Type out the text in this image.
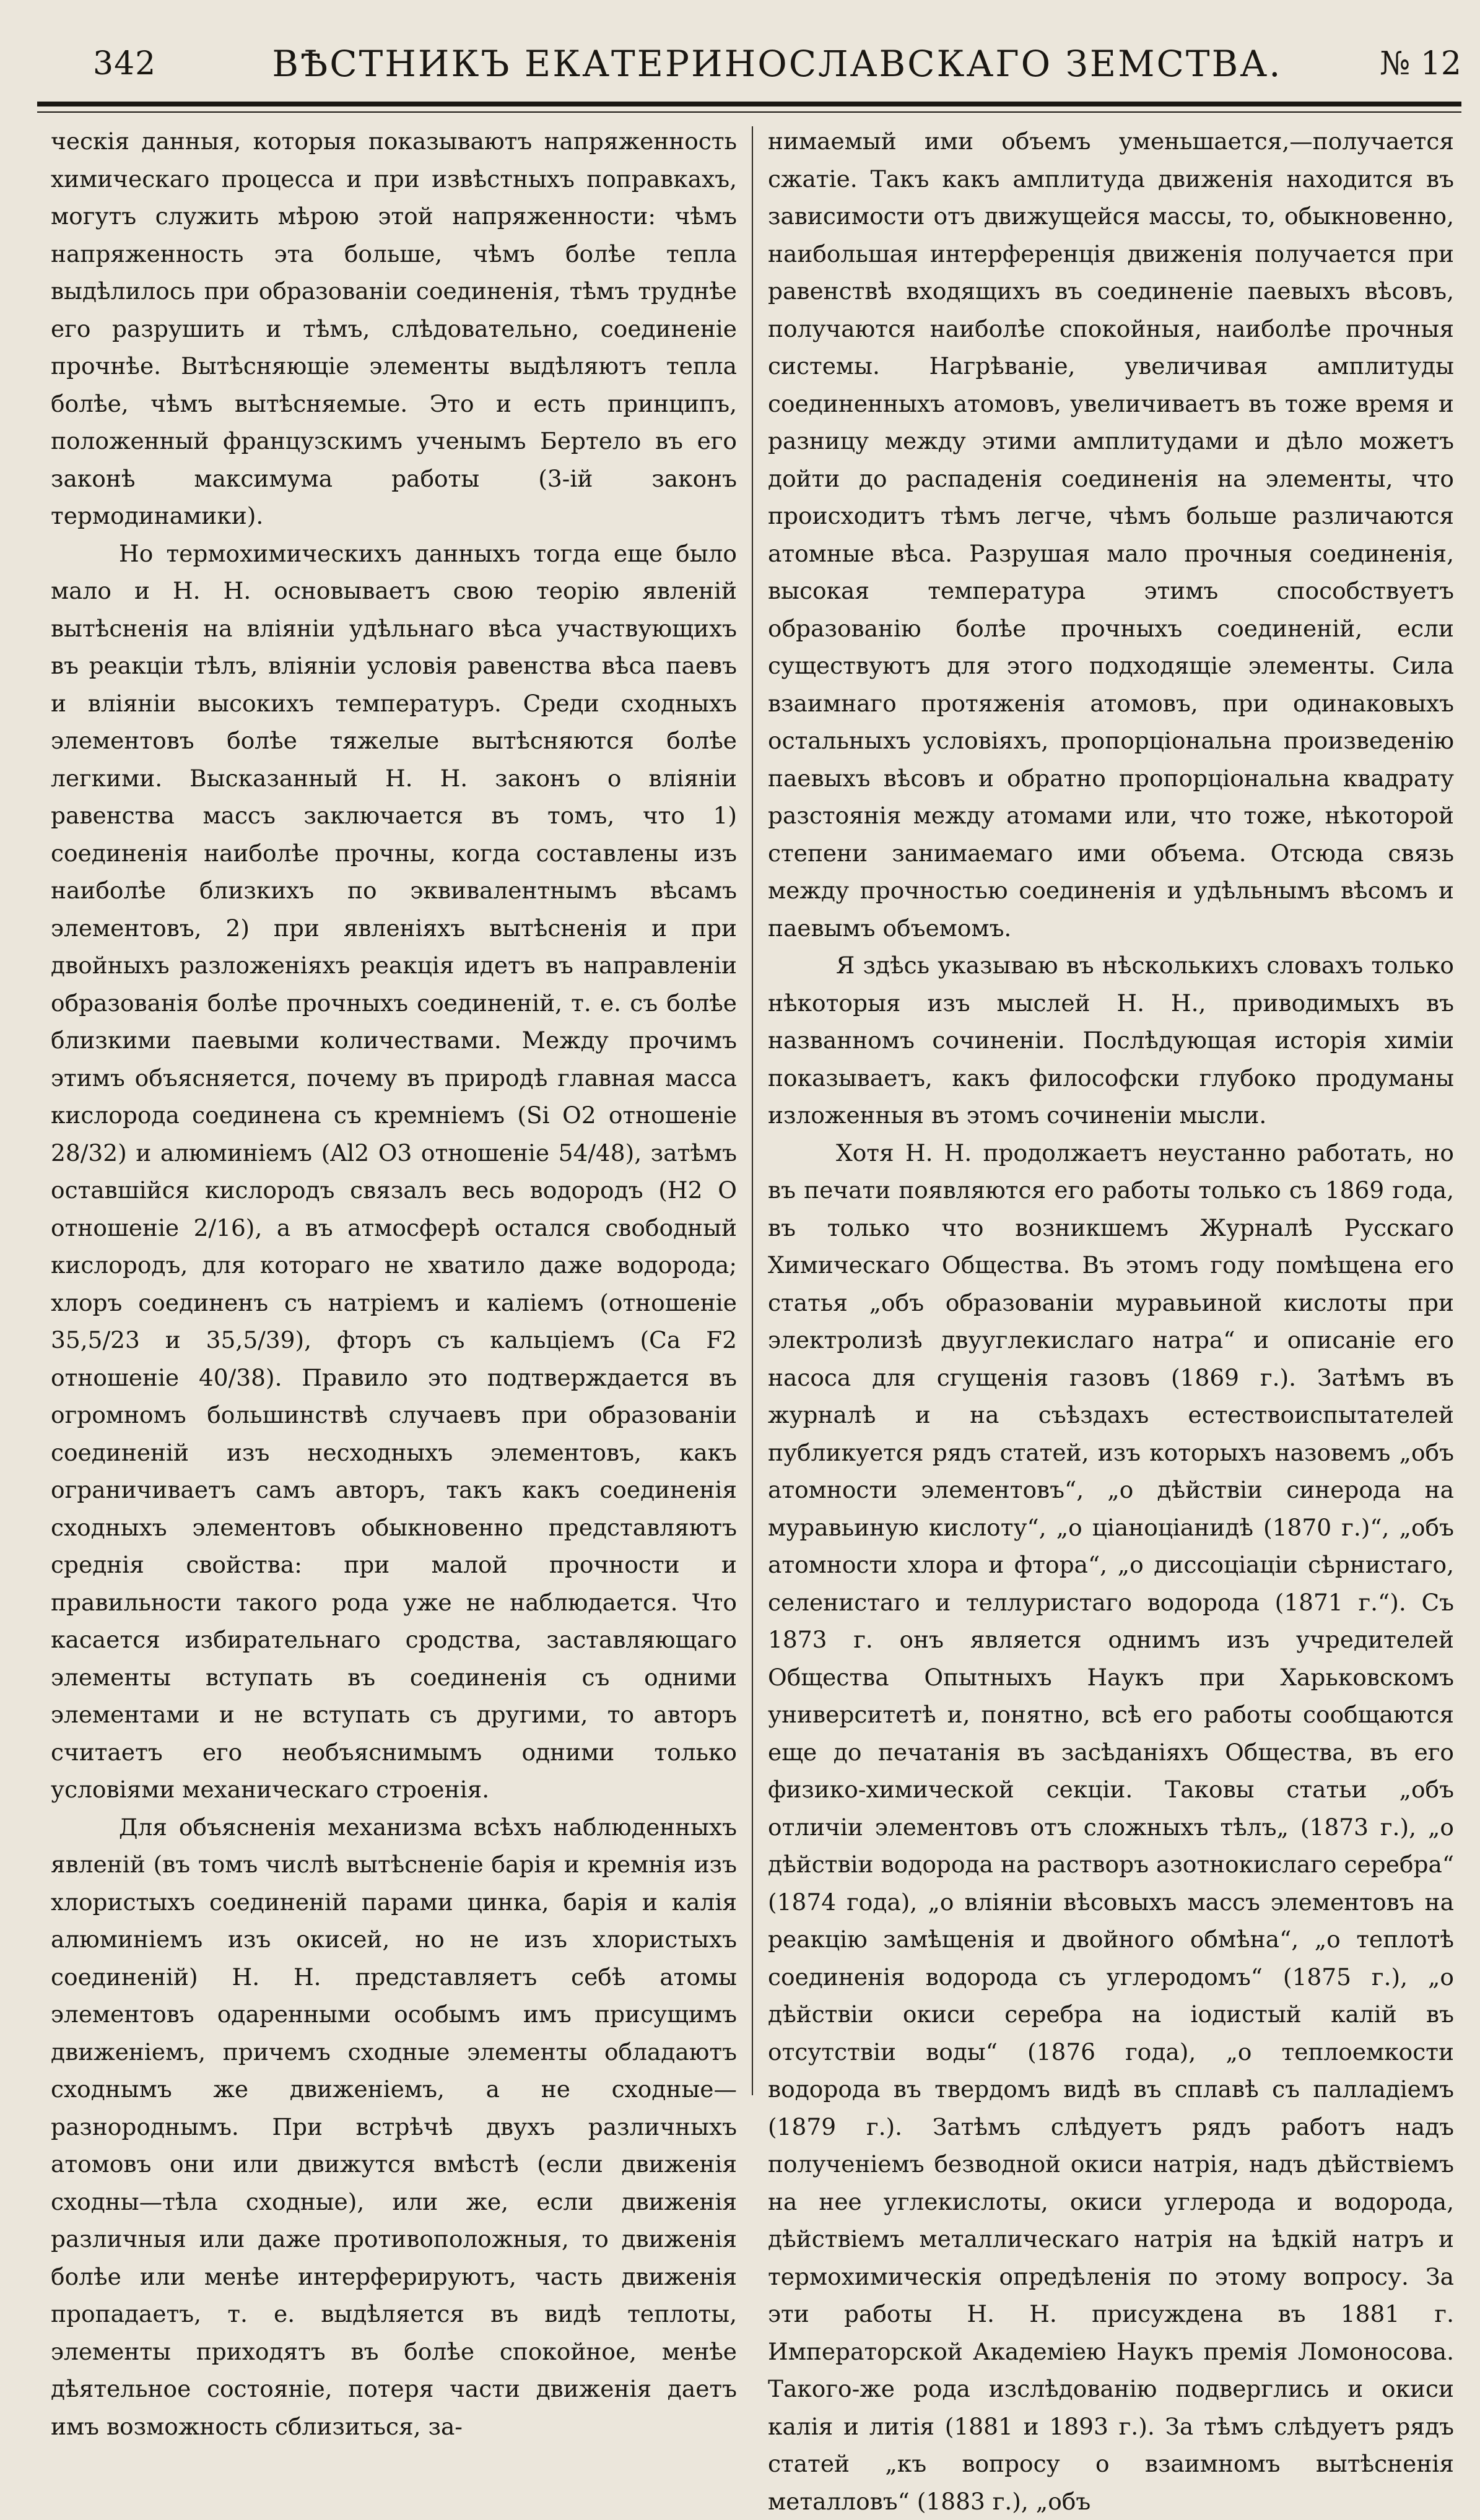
342	ВѢСТНИКЪ ЕКАТЕРИНОСЛАВСКАГО ЗЕМСТВА.	№ 12

ческія данныя, которыя показываютъ напряженность химическаго процесса и при извѣстныхъ поправкахъ, могутъ служить мѣрою этой напряженности: чѣмъ напряженность эта больше, чѣмъ болѣе тепла выдѣлилось при образованіи соединенія, тѣмъ труднѣе его разрушить и тѣмъ, слѣдовательно, соединеніе прочнѣе. Вытѣсняющіе элементы выдѣляютъ тепла болѣе, чѣмъ вытѣсняемые. Это и есть принципъ, положенный французскимъ ученымъ Бертело въ его законѣ максимума работы (3-ій законъ термодинамики).

Но термохимическихъ данныхъ тогда еще было мало и Н. Н. основываетъ свою теорію явленій вытѣсненія на вліяніи удѣльнаго вѣса участвующихъ въ реакціи тѣлъ, вліяніи условія равенства вѣса паевъ и вліяніи высокихъ температуръ. Среди сходныхъ элементовъ болѣе тяжелые вытѣсняются болѣе легкими. Высказанный Н. Н. законъ о вліяніи равенства массъ заключается въ томъ, что 1) соединенія наиболѣе прочны, когда составлены изъ наиболѣе близкихъ по эквивалентнымъ вѣсамъ элементовъ, 2) при явленіяхъ вытѣсненія и при двойныхъ разложеніяхъ реакція идетъ въ направленіи образованія болѣе прочныхъ соединеній, т. е. съ болѣе близкими паевыми количествами. Между прочимъ этимъ объясняется, почему въ природѣ главная масса кислорода соединена съ кремніемъ (Si O2 отношеніе 28/32) и алюминіемъ (Al2 O3 отношеніе 54/48), затѣмъ оставшійся кислородъ связалъ весь водородъ (H2 O отношеніе 2/16), а въ атмосферѣ остался свободный кислородъ, для котораго не хватило даже водорода; хлоръ соединенъ съ натріемъ и каліемъ (отношеніе 35,5/23 и 35,5/39), фторъ съ кальціемъ (Ca F2 отношеніе 40/38). Правило это подтверждается въ огромномъ большинствѣ случаевъ при образованіи соединеній изъ несходныхъ элементовъ, какъ ограничиваетъ самъ авторъ, такъ какъ соединенія сходныхъ элементовъ обыкновенно представляютъ среднія свойства: при малой прочности и правильности такого рода уже не наблюдается. Что касается избирательнаго сродства, заставляющаго элементы вступать въ соединенія съ одними элементами и не вступать съ другими, то авторъ считаетъ его необъяснимымъ одними только условіями механическаго строенія.

Для объясненія механизма всѣхъ наблюденныхъ явленій (въ томъ числѣ вытѣсненіе барія и кремнія изъ хлористыхъ соединеній парами цинка, барія и калія алюминіемъ изъ окисей, но не изъ хлористыхъ соединеній) Н. Н. представляетъ себѣ атомы элементовъ одаренными особымъ имъ присущимъ движеніемъ, причемъ сходные элементы обладаютъ сходнымъ же движеніемъ, а не сходные—разнороднымъ. При встрѣчѣ двухъ различныхъ атомовъ они или движутся вмѣстѣ (если движенія сходны—тѣла сходные), или же, если движенія различныя или даже противоположныя, то движенія болѣе или менѣе интерферируютъ, часть движенія пропадаетъ, т. е. выдѣляется въ видѣ теплоты, элементы приходятъ въ болѣе спокойное, менѣе дѣятельное состояніе, потеря части движенія даетъ имъ возможность сблизиться, за-

нимаемый ими объемъ уменьшается,—получается сжатіе. Такъ какъ амплитуда движенія находится въ зависимости отъ движущейся массы, то, обыкновенно, наибольшая интерференція движенія получается при равенствѣ входящихъ въ соединеніе паевыхъ вѣсовъ, получаются наиболѣе спокойныя, наиболѣе прочныя системы. Нагрѣваніе, увеличивая амплитуды соединенныхъ атомовъ, увеличиваетъ въ тоже время и разницу между этими амплитудами и дѣло можетъ дойти до распаденія соединенія на элементы, что происходитъ тѣмъ легче, чѣмъ больше различаются атомные вѣса. Разрушая мало прочныя соединенія, высокая температура этимъ способствуетъ образованію болѣе прочныхъ соединеній, если существуютъ для этого подходящіе элементы. Сила взаимнаго протяженія атомовъ, при одинаковыхъ остальныхъ условіяхъ, пропорціональна произведенію паевыхъ вѣсовъ и обратно пропорціональна квадрату разстоянія между атомами или, что тоже, нѣкоторой степени занимаемаго ими объема. Отсюда связь между прочностью соединенія и удѣльнымъ вѣсомъ и паевымъ объемомъ.

Я здѣсь указываю въ нѣсколькихъ словахъ только нѣкоторыя изъ мыслей Н. Н., приводимыхъ въ названномъ сочиненіи. Послѣдующая исторія химіи показываетъ, какъ философски глубоко продуманы изложенныя въ этомъ сочиненіи мысли.

Хотя Н. Н. продолжаетъ неустанно работать, но въ печати появляются его работы только съ 1869 года, въ только что возникшемъ Журналѣ Русскаго Химическаго Общества. Въ этомъ году помѣщена его статья „объ образованіи муравьиной кислоты при электролизѣ двууглекислаго натра“ и описаніе его насоса для сгущенія газовъ (1869 г.). Затѣмъ въ журналѣ и на съѣздахъ естествоиспытателей публикуется рядъ статей, изъ которыхъ назовемъ „объ атомности элементовъ“, „о дѣйствіи синерода на муравьиную кислоту“, „о ціаноціанидѣ (1870 г.)“, „объ атомности хлора и фтора“, „о диссоціаціи сѣрнистаго, селенистаго и теллуристаго водорода (1871 г.“). Съ 1873 г. онъ является однимъ изъ учредителей Общества Опытныхъ Наукъ при Харьковскомъ университетѣ и, понятно, всѣ его работы сообщаются еще до печатанія въ засѣданіяхъ Общества, въ его физико-химической секціи. Таковы статьи „объ отличіи элементовъ отъ сложныхъ тѣлъ„ (1873 г.), „о дѣйствіи водорода на растворъ азотнокислаго серебра“ (1874 года), „о вліяніи вѣсовыхъ массъ элементовъ на реакцію замѣщенія и двойного обмѣна“, „о теплотѣ соединенія водорода съ углеродомъ“ (1875 г.), „о дѣйствіи окиси серебра на іодистый калій въ отсутствіи воды“ (1876 года), „о теплоемкости водорода въ твердомъ видѣ въ сплавѣ съ палладіемъ (1879 г.). Затѣмъ слѣдуетъ рядъ работъ надъ полученіемъ безводной окиси натрія, надъ дѣйствіемъ на нее углекислоты, окиси углерода и водорода, дѣйствіемъ металлическаго натрія на ѣдкій натръ и термохимическія опредѣленія по этому вопросу. За эти работы Н. Н. присуждена въ 1881 г. Императорской Академіею Наукъ премія Ломоносова. Такого-же рода изслѣдованію подверглись и окиси калія и литія (1881 и 1893 г.). За тѣмъ слѣдуетъ рядъ статей „къ вопросу о взаимномъ вытѣсненія металловъ“ (1883 г.), „объ
